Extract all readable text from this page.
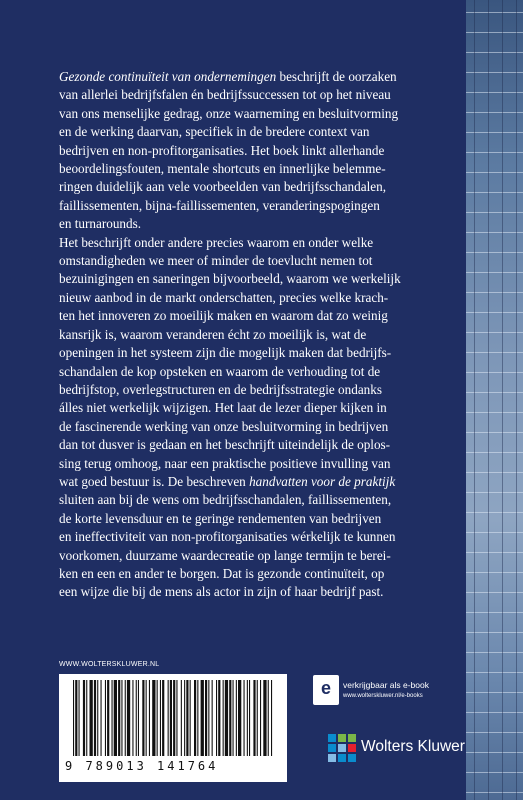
Gezonde continuïteit van ondernemingen beschrijft de oorzaken
van allerlei bedrijfsfalen én bedrijfssuccessen tot op het niveau
van ons menselijke gedrag, onze waarneming en besluitvorming
en de werking daarvan, specifiek in de bredere context van
bedrijven en non-profitorganisaties. Het boek linkt allerhande
beoordelingsfouten, mentale shortcuts en innerlijke belemme-
ringen duidelijk aan vele voorbeelden van bedrijfsschandalen,
faillissementen, bijna-faillissementen, veranderingspogingen
en turnarounds.

Het beschrijft onder andere precies waarom en onder welke
omstandigheden we meer of minder de toevlucht nemen tot
bezuinigingen en saneringen bijvoorbeeld, waarom we werkelijk
nieuw aanbod in de markt onderschatten, precies welke krach-
ten het innoveren zo moeilijk maken en waarom dat zo weinig
kansrijk is, waarom veranderen écht zo moeilijk is, wat de
openingen in het systeem zijn die mogelijk maken dat bedrijfs-
schandalen de kop opsteken en waarom de verhouding tot de
bedrijfstop, overlegstructuren en de bedrijfsstrategie ondanks
álles niet werkelijk wijzigen. Het laat de lezer dieper kijken in
de fascinerende werking van onze besluitvorming in bedrijven
dan tot dusver is gedaan en het beschrijft uiteindelijk de oplos-
sing terug omhoog, naar een praktische positieve invulling van
wat goed bestuur is. De beschreven handvatten voor de praktijk
sluiten aan bij de wens om bedrijfsschandalen, faillissementen,
de korte levensduur en te geringe rendementen van bedrijven
en ineffectiviteit van non-profitorganisaties wérkelijk te kunnen
voorkomen, duurzame waardecreatie op lange termijn te berei-
ken en een en ander te borgen. Dat is gezonde continuïteit, op
een wijze die bij de mens als actor in zijn of haar bedrijf past.

WWW.WOLTERSKLUWER.NL
9 789013 141764
e	verkrijgbaar als e-book
www.wolterskluwer.nl/e-books
Wolters Kluwer
